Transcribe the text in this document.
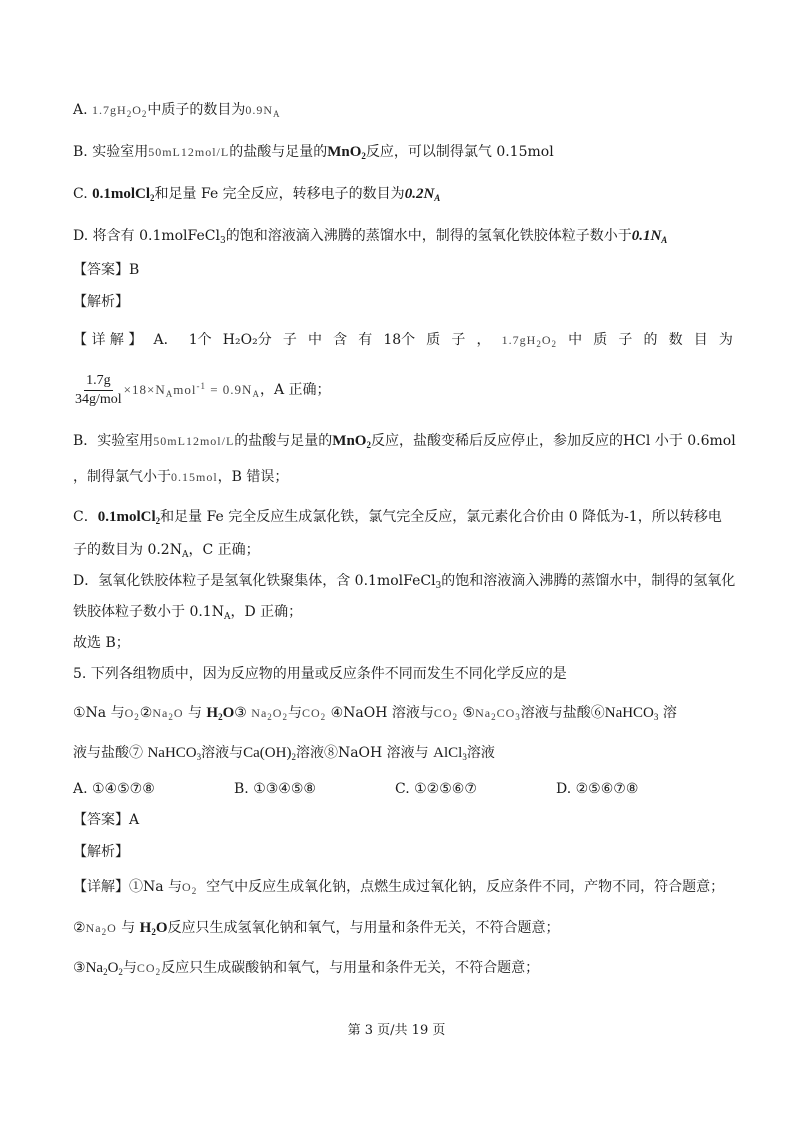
A. $1.7gH_2O_2$中质子的数目为$0.9N_A$
B. 实验室用50mL12mol/L的盐酸与足量的MnO$_2$反应，可以制得氯气 0.15mol
C. 0.1molCl$_2$和足量 Fe 完全反应，转移电子的数目为$0.2N_A$
D. 将含有 0.1molFeCl$_3$的饱和溶液滴入沸腾的蒸馏水中，制得的氢氧化铁胶体粒子数小于$0.1N_A$
【答案】B
【解析】
【 详 解 】 A． 1个 H₂O₂分 子 中 含 有 18个 质 子 ， $1.7gH_2O_2$ 中 质 子 的 数 目 为
$\frac{1.7g}{\text{34g/mol}} \times 18\times N_Amol^{-1} = 0.9N_A$，A 正确；
B．实验室用50mL12mol/L的盐酸与足量的MnO$_2$反应，盐酸变稀后反应停止，参加反应的HCl 小于 0.6mol
，制得氯气小于0.15mol，B 错误；
C．0.1molCl$_2$和足量 Fe 完全反应生成氯化铁，氯气完全反应，氯元素化合价由 0 降低为-1，所以转移电
子的数目为 $0.2N_A$，C 正确；
D．氢氧化铁胶体粒子是氢氧化铁聚集体，含 0.1molFeCl$_3$的饱和溶液滴入沸腾的蒸馏水中，制得的氢氧化
铁胶体粒子数小于 $0.1N_A$，D 正确；
故选 B；
5. 下列各组物质中，因为反应物的用量或反应条件不同而发生不同化学反应的是
①Na 与$O_2②Na_2O$ 与 $H_2O③$ $Na_2O_2$与$CO_2$ ④NaOH 溶液与$CO_2$ $⑤Na_2CO_3$溶液与盐酸⑥NaHCO$_3$ 溶
液与盐酸⑦ NaHCO$_3$溶液与$Ca(OH)_2$溶液⑧NaOH 溶液与 AlCl$_3$溶液
A. ①④⑤⑦⑧	B. ①③④⑤⑧	C. ①②⑤⑥⑦	D. ②⑤⑥⑦⑧
【答案】A
【解析】
【详解】①Na 与$O_2$ 空气中反应生成氧化钠，点燃生成过氧化钠，反应条件不同，产物不同，符合题意；
$②Na_2O$ 与 $H_2O$反应只生成氢氧化钠和氧气，与用量和条件无关，不符合题意；
$③Na_2O_2$与$CO_2$反应只生成碳酸钠和氧气，与用量和条件无关，不符合题意；
第 3 页/共 19 页
